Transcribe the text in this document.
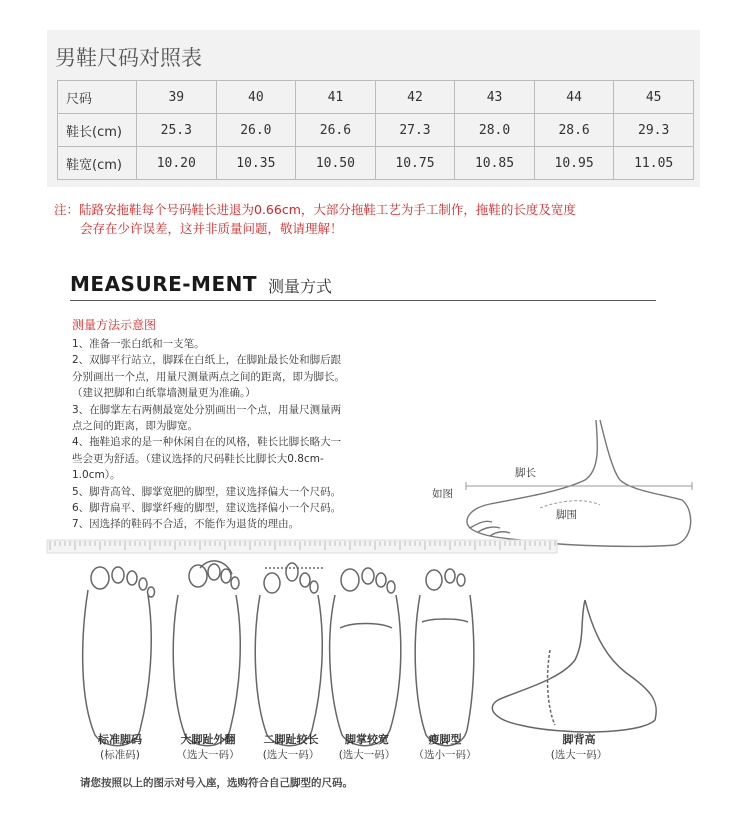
男鞋尺码对照表
尺码	39	40	41	42	43	44	45
鞋长(cm)	25.3	26.0	26.6	27.3	28.0	28.6	29.3
鞋宽(cm)	10.20	10.35	10.50	10.75	10.85	10.95	11.05
注：陆路安拖鞋每个号码鞋长进退为0.66cm，大部分拖鞋工艺为手工制作，拖鞋的长度及宽度
会存在少许误差，这并非质量问题，敬请理解！
MEASURE-MENT 测量方式
测量方法示意图
1、准备一张白纸和一支笔。
2、双脚平行站立，脚踩在白纸上，在脚趾最长处和脚后跟
分别画出一个点，用量尺测量两点之间的距离，即为脚长。
（建议把脚和白纸靠墙测量更为准确。）
3、在脚掌左右两侧最宽处分别画出一个点，用量尺测量两
点之间的距离，即为脚宽。
4、拖鞋追求的是一种休闲自在的风格，鞋长比脚长略大一
些会更为舒适。（建议选择的尺码鞋长比脚长大0.8cm-
1.0cm）。
5、脚背高耸、脚掌宽肥的脚型，建议选择偏大一个尺码。
6、脚背扁平、脚掌纤瘦的脚型，建议选择偏小一个尺码。
7、因选择的鞋码不合适，不能作为退货的理由。
如图
脚长
脚围
标准脚码
(标准码)
大脚趾外翻
（选大一码）
二脚趾较长
(选大一码）
脚掌较宽
(选大一码）
瘦脚型
（选小一码）
脚背高
(选大一码）
请您按照以上的图示对号入座，选购符合自己脚型的尺码。
